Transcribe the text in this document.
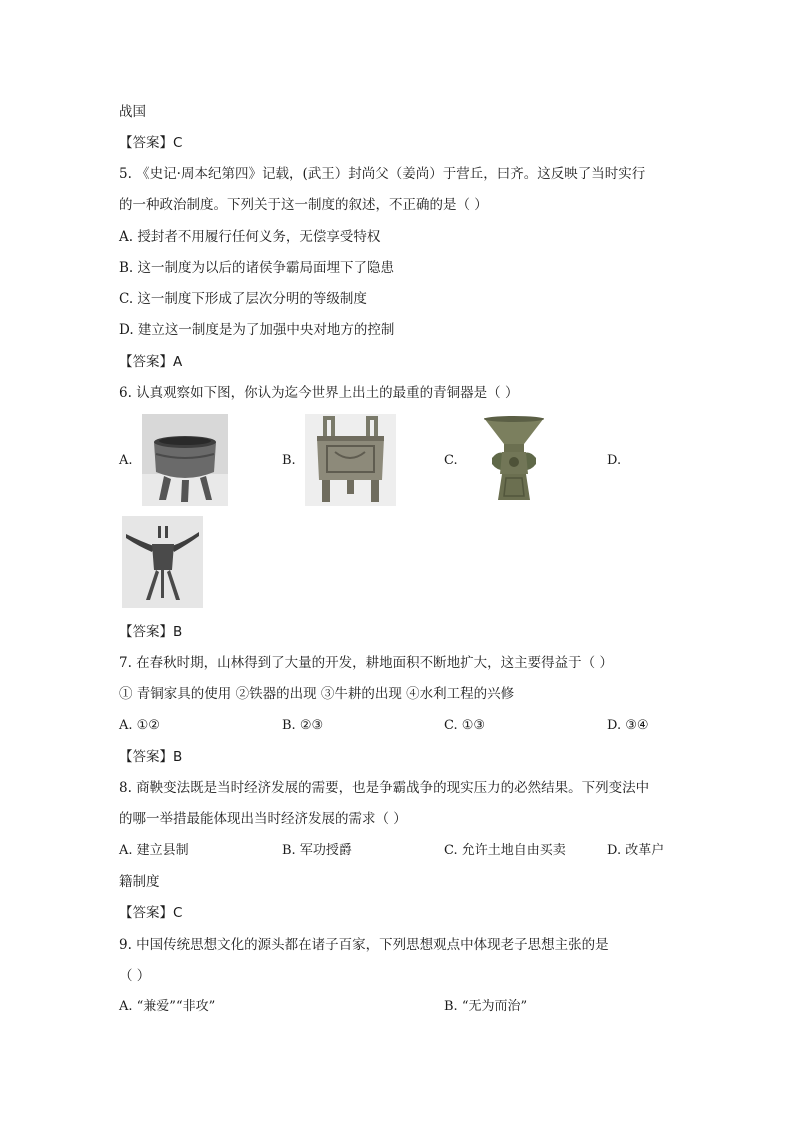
战国
【答案】C
5. 《史记·周本纪第四》记载，(武王）封尚父（姜尚）于营丘，曰齐。这反映了当时实行
的一种政治制度。下列关于这一制度的叙述，不正确的是（ ）
A. 授封者不用履行任何义务，无偿享受特权
B. 这一制度为以后的诸侯争霸局面埋下了隐患
C. 这一制度下形成了层次分明的等级制度
D. 建立这一制度是为了加强中央对地方的控制
【答案】A
6. 认真观察如下图，你认为迄今世界上出土的最重的青铜器是（ ）
A.	B.	C.	D.
【答案】B
7. 在春秋时期，山林得到了大量的开发，耕地面积不断地扩大，这主要得益于（ ）
① 青铜家具的使用 ②铁器的出现 ③牛耕的出现 ④水利工程的兴修
A. ①②	B. ②③	C. ①③	D. ③④
【答案】B
8. 商鞅变法既是当时经济发展的需要，也是争霸战争的现实压力的必然结果。下列变法中
的哪一举措最能体现出当时经济发展的需求（ ）
A. 建立县制	B. 军功授爵	C. 允许土地自由买卖	D. 改革户
籍制度
【答案】C
9. 中国传统思想文化的源头都在诸子百家，下列思想观点中体现老子思想主张的是
（ ）
A. “兼爱”“非攻”	B. “无为而治”
